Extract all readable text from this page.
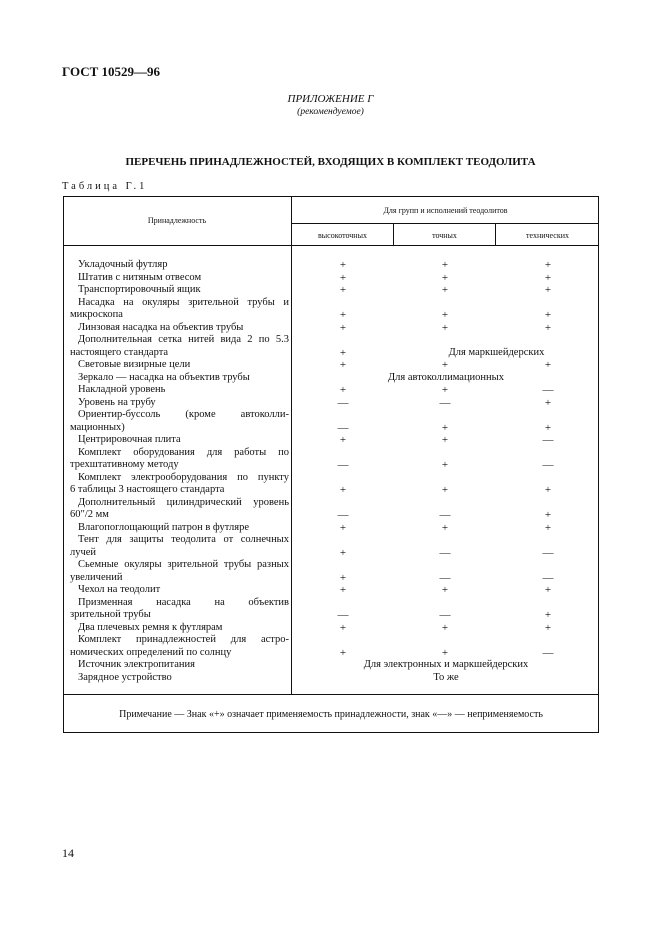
ГОСТ 10529—96
ПРИЛОЖЕНИЕ Г
(рекомендуемое)
ПЕРЕЧЕНЬ ПРИНАДЛЕЖНОСТЕЙ, ВХОДЯЩИХ В КОМПЛЕКТ ТЕОДОЛИТА
Таблица Г.1
Принадлежность
Для групп и исполнений теодолитов
высокоточных	точных	технических
Укладочный футляр	+	+	+
Штатив с нитяным отвесом	+	+	+
Транспортировочный ящик	+	+	+
Насадка на окуляры зрительной трубы и
микроскопа	+	+	+
Линзовая насадка на объектив трубы	+	+	+
Дополнительная сетка нитей вида 2 по 5.3
настоящего стандарта	+	Для маркшейдерских
Световые визирные цели	+	+	+
Зеркало — насадка на объектив трубы	Для автоколлимационных
Накладной уровень	+	+	—
Уровень на трубу	—	—	+
Ориентир-буссоль (кроме автоколли-
мационных)	—	+	+
Центрировочная плита	+	+	—
Комплект оборудования для работы по
трехштативному методу	—	+	—
Комплект электрооборудования по пункту
6 таблицы 3 настоящего стандарта	+	+	+
Дополнительный цилиндрический уровень
60″/2 мм	—	—	+
Влагопоглощающий патрон в футляре	+	+	+
Тент для защиты теодолита от солнечных
лучей	+	—	—
Сьемные окуляры зрительной трубы разных
увеличений	+	—	—
Чехол на теодолит	+	+	+
Призменная насадка на объектив
зрительной трубы	—	—	+
Два плечевых ремня к футлярам	+	+	+
Комплект принадлежностей для астро-
номических определений по солнцу	+	+	—
Источник электропитания	Для электронных и маркшейдерских
Зарядное устройство	То же
Примечание — Знак «+» означает применяемость принадлежности, знак «—» — неприменяемость
14
